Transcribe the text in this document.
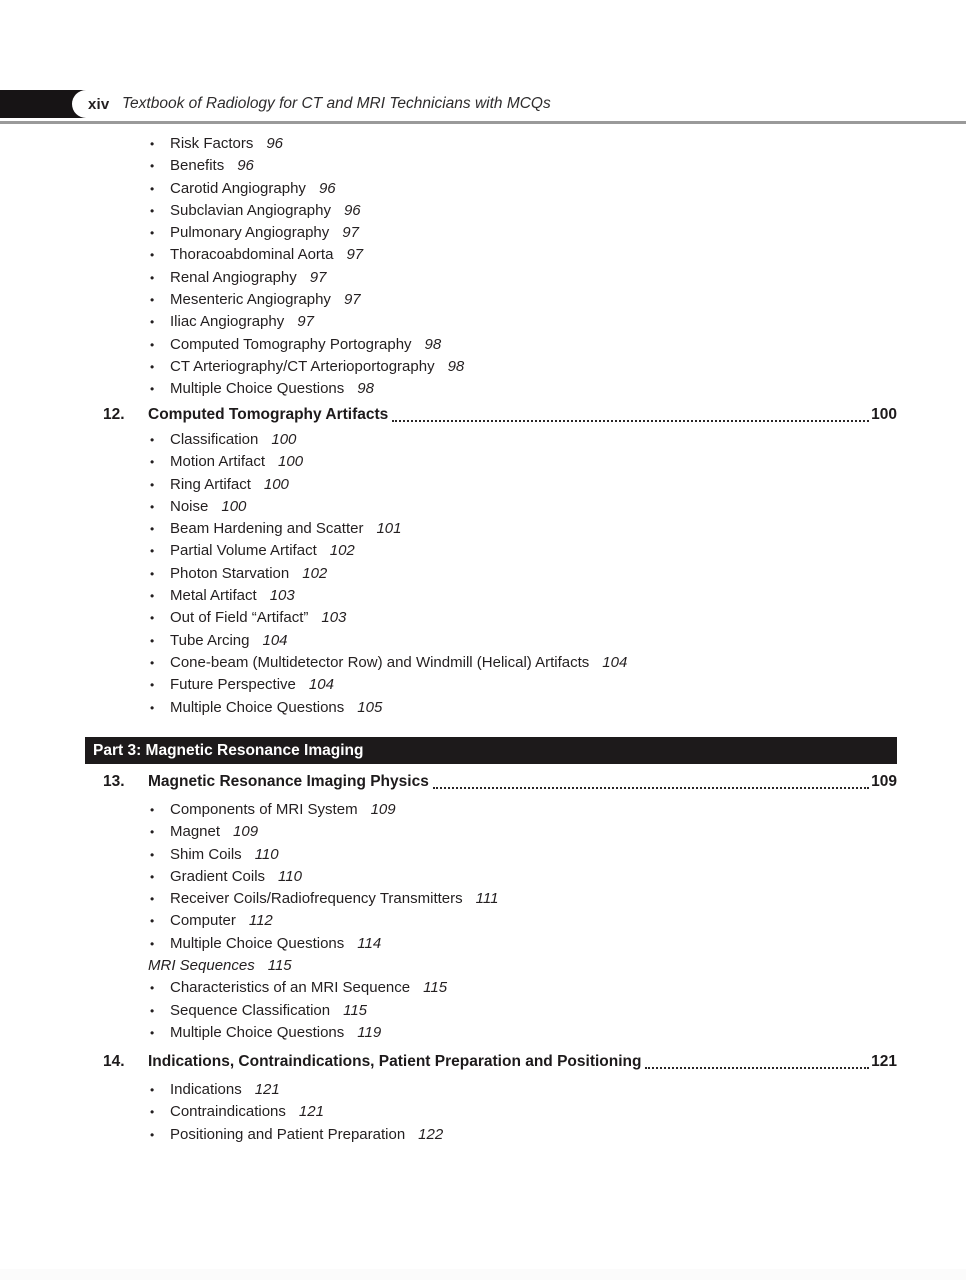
xiv Textbook of Radiology for CT and MRI Technicians with MCQs
•	Risk Factors 96
•	Benefits 96
•	Carotid Angiography 96
•	Subclavian Angiography 96
•	Pulmonary Angiography 97
•	Thoracoabdominal Aorta 97
•	Renal Angiography 97
•	Mesenteric Angiography 97
•	Iliac Angiography 97
•	Computed Tomography Portography 98
•	CT Arteriography/CT Arterioportography 98
•	Multiple Choice Questions 98
12.	Computed Tomography Artifacts	100
•	Classification 100
•	Motion Artifact 100
•	Ring Artifact 100
•	Noise 100
•	Beam Hardening and Scatter 101
•	Partial Volume Artifact 102
•	Photon Starvation 102
•	Metal Artifact 103
•	Out of Field “Artifact” 103
•	Tube Arcing 104
•	Cone-beam (Multidetector Row) and Windmill (Helical) Artifacts 104
•	Future Perspective 104
•	Multiple Choice Questions 105
Part 3: Magnetic Resonance Imaging
13.	Magnetic Resonance Imaging Physics	109
•	Components of MRI System 109
•	Magnet 109
•	Shim Coils 110
•	Gradient Coils 110
•	Receiver Coils/Radiofrequency Transmitters 111
•	Computer 112
•	Multiple Choice Questions 114
MRI Sequences 115
•	Characteristics of an MRI Sequence 115
•	Sequence Classification 115
•	Multiple Choice Questions 119
14.	Indications, Contraindications, Patient Preparation and Positioning	121
•	Indications 121
•	Contraindications 121
•	Positioning and Patient Preparation 122
